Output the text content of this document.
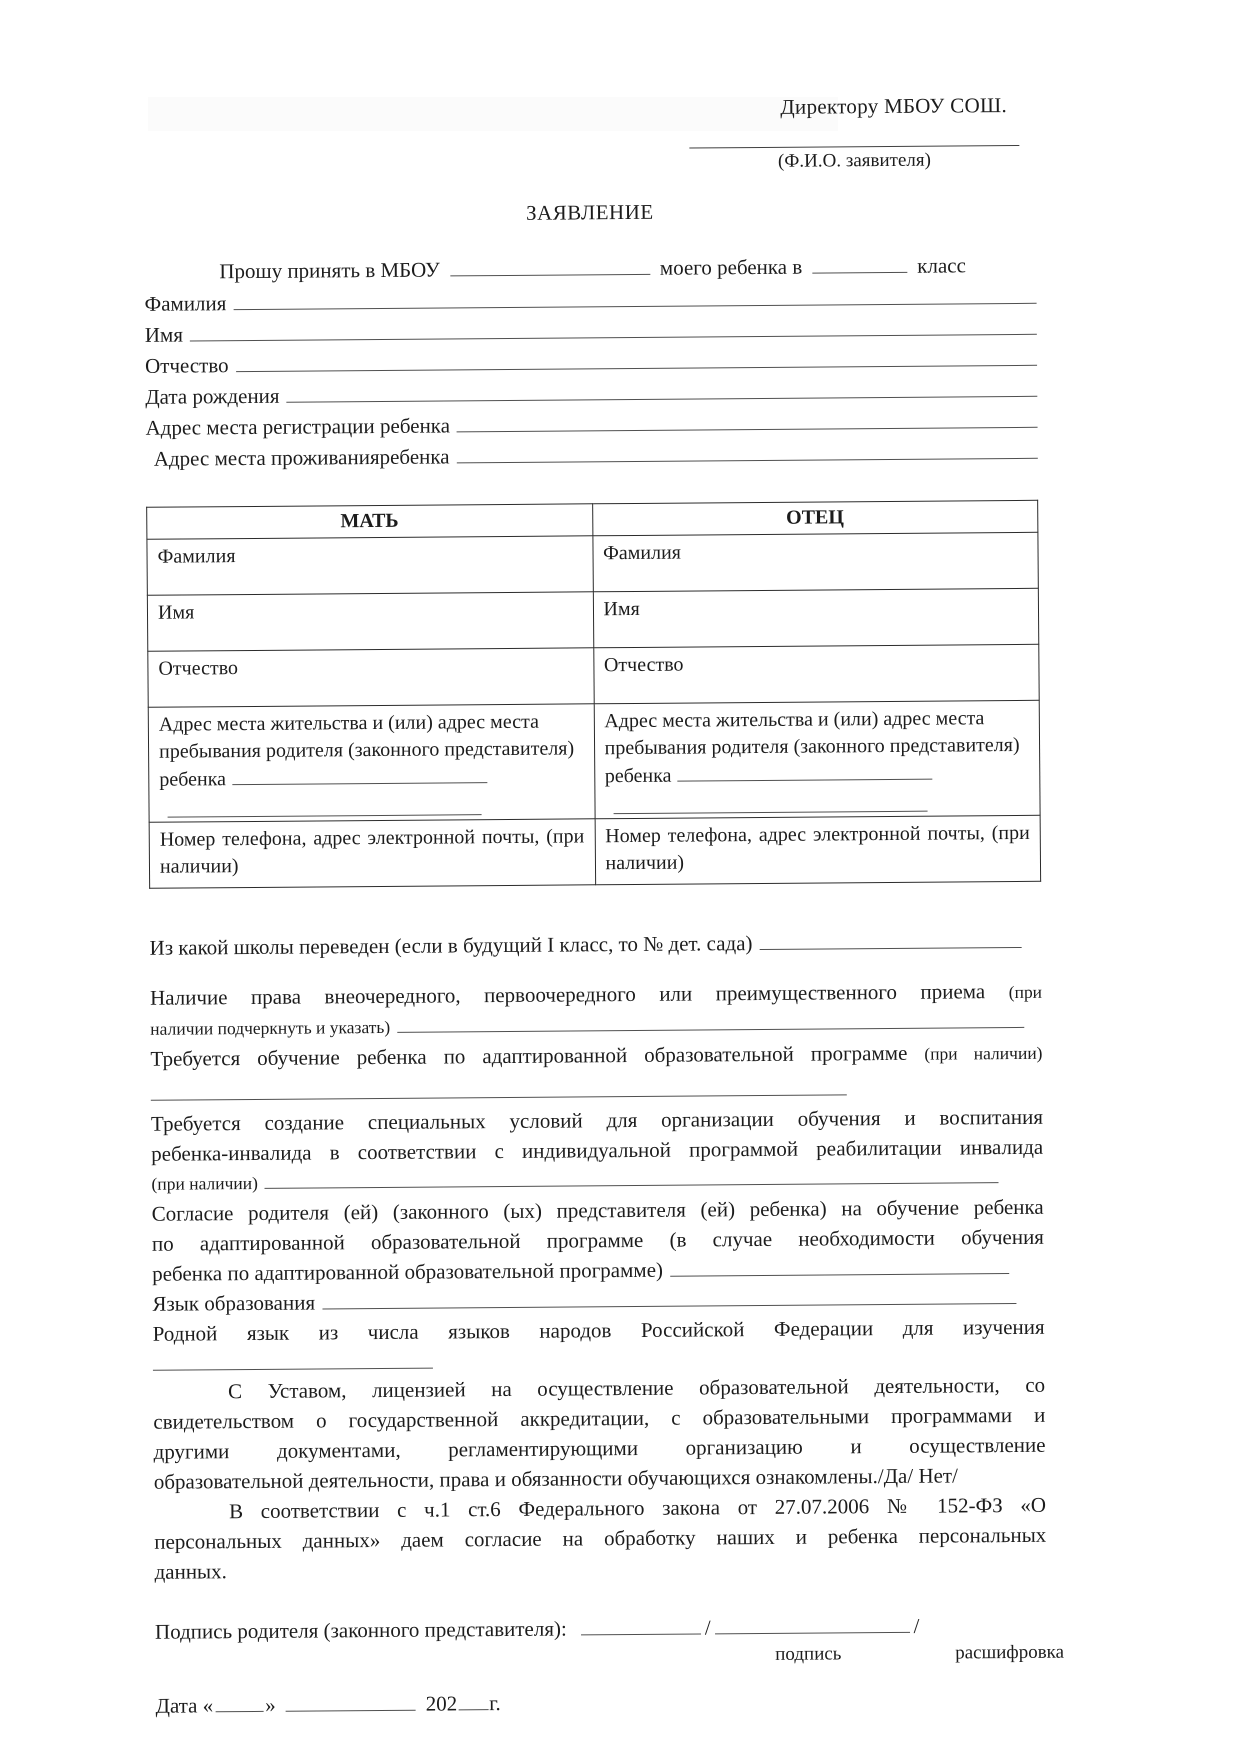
Директору МБОУ СОШ.
(Ф.И.О. заявителя)
ЗАЯВЛЕНИЕ
Прошу принять в МБОУ	моего ребенка в	класс
Фамилия
Имя
Отчество
Дата рождения
Адрес места регистрации ребенка
Адрес места проживанияребенка
МАТЬ	ОТЕЦ
Фамилия	Фамилия
Имя	Имя
Отчество	Отчество
Адрес места жительства и (или) адрес места пребывания родителя (законного представителя) ребенка	Адрес места жительства и (или) адрес места пребывания родителя (законного представителя) ребенка

Номер телефона, адрес электронной почты, (при наличии)	Номер телефона, адрес электронной почты, (при наличии)
Из какой школы переведен (если в будущий I класс, то № дет. сада)
Наличие права внеочередного, первоочередного или преимущественного приема (при
наличии подчеркнуть и указать)
Требуется обучение ребенка по адаптированной образовательной программе (при наличии)
Требуется создание специальных условий для организации обучения и воспитания
ребенка-инвалида в соответствии с индивидуальной программой реабилитации инвалида
(при наличии)
Согласие родителя (ей) (законного (ых) представителя (ей) ребенка) на обучение ребенка
по адаптированной образовательной программе (в случае необходимости обучения
ребенка по адаптированной образовательной программе)
Язык образования
Родной язык из числа языков народов Российской Федерации для изучения
С Уставом, лицензией на осуществление образовательной деятельности, со
свидетельством о государственной аккредитации, с образовательными программами и
другими документами, регламентирующими организацию и осуществление
образовательной деятельности, права и обязанности обучающихся ознакомлены./Да/ Нет/
В соответствии с ч.1 ст.6 Федерального закона от 27.07.2006 № 152-ФЗ «О
персональных данных» даем согласие на обработку наших и ребенка персональных
данных.
Подпись родителя (законного представителя):	/	/
подпись	расшифровка
Дата « »	202 г.
